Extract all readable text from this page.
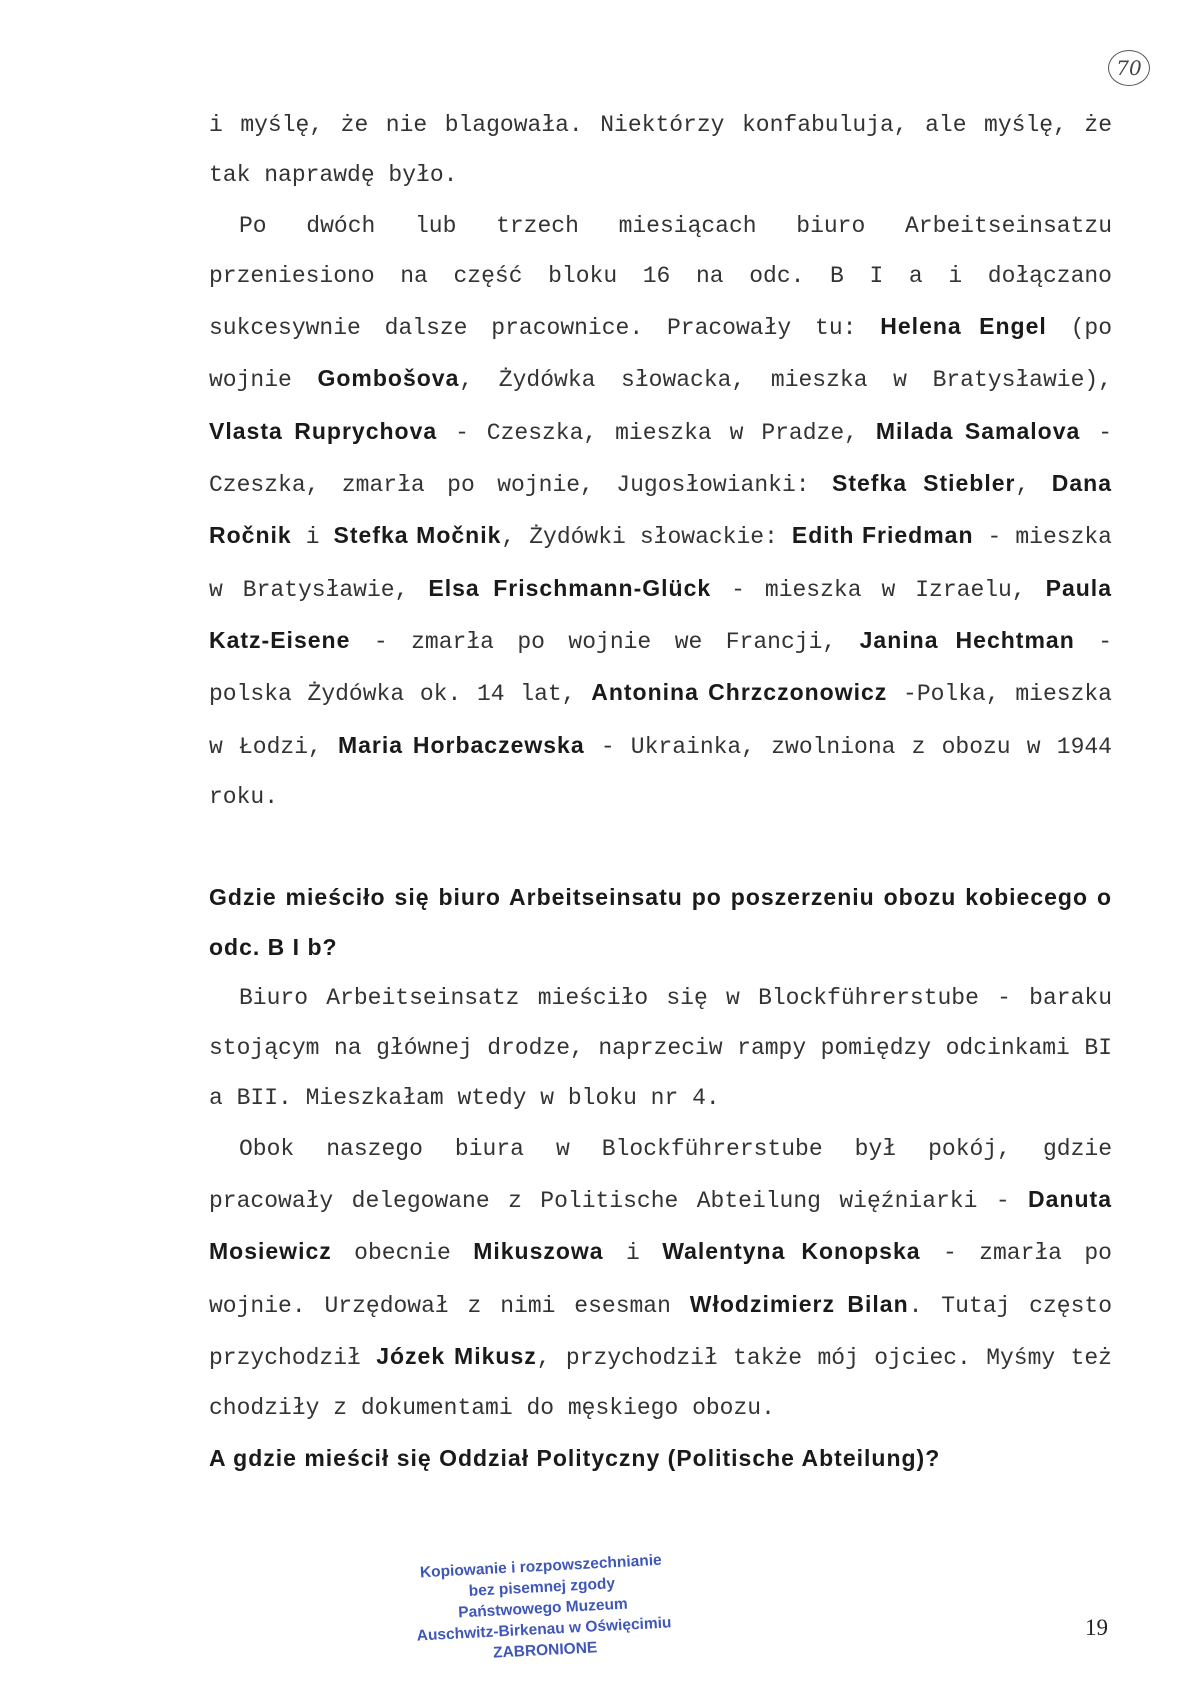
70

i myślę, że nie blagowała. Niektórzy konfabuluja, ale myślę, że tak naprawdę było.

Po dwóch lub trzech miesiącach biuro Arbeitseinsatzu przeniesiono na część bloku 16 na odc. B I a i dołączano sukcesywnie dalsze pracownice. Pracowały tu: Helena Engel (po wojnie Gombošova, Żydówka słowacka, mieszka w Bratysławie), Vlasta Ruprychova - Czeszka, mieszka w Pradze, Milada Samalova - Czeszka, zmarła po wojnie, Jugosłowianki: Stefka Stiebler, Dana Ročnik i Stefka Močnik, Żydówki słowackie: Edith Friedman - mieszka w Bratysławie, Elsa Frischmann-Glück - mieszka w Izraelu, Paula Katz-Eisene - zmarła po wojnie we Francji, Janina Hechtman - polska Żydówka ok. 14 lat, Antonina Chrzczonowicz -Polka, mieszka w Łodzi, Maria Horbaczewska - Ukrainka, zwolniona z obozu w 1944 roku.

Gdzie mieściło się biuro Arbeitseinsatu po poszerzeniu obozu kobiecego o odc. B I b?

Biuro Arbeitseinsatz mieściło się w Blockführerstube - baraku stojącym na głównej drodze, naprzeciw rampy pomiędzy odcinkami BI a BII. Mieszkałam wtedy w bloku nr 4.

Obok naszego biura w Blockführerstube był pokój, gdzie pracowały delegowane z Politische Abteilung więźniarki - Danuta Mosiewicz obecnie Mikuszowa i Walentyna Konopska - zmarła po wojnie. Urzędował z nimi esesman Włodzimierz Bilan. Tutaj często przychodził Józek Mikusz, przychodził także mój ojciec. Myśmy też chodziły z dokumentami do męskiego obozu.

A gdzie mieścił się Oddział Polityczny (Politische Abteilung)?

Kopiowanie i rozpowszechnianie
bez pisemnej zgody
Państwowego Muzeum
Auschwitz-Birkenau w Oświęcimiu
ZABRONIONE
19
